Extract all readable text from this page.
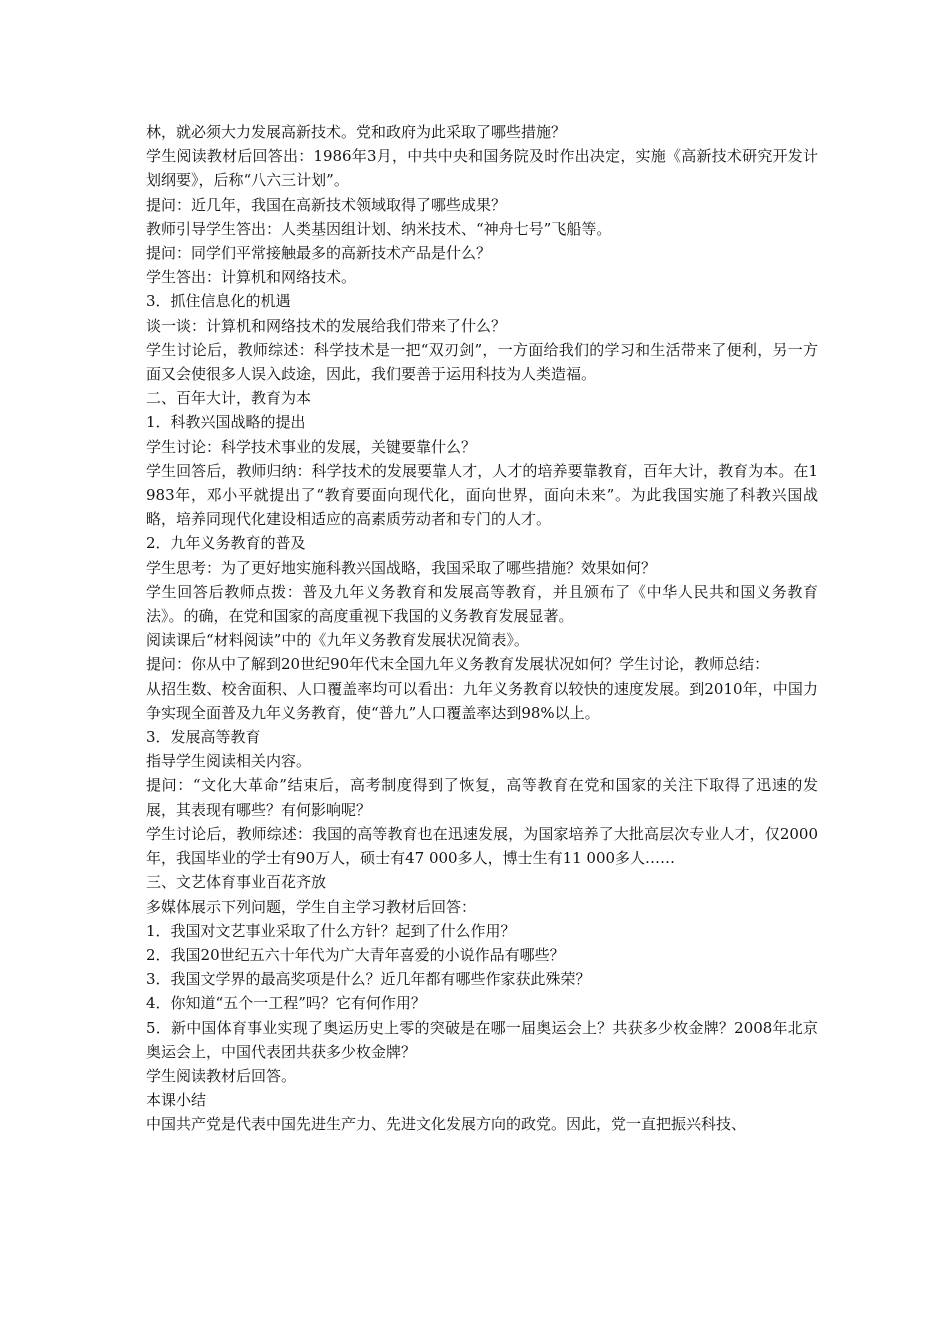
林，就必须大力发展高新技术。党和政府为此采取了哪些措施？

学生阅读教材后回答出：1986年3月，中共中央和国务院及时作出决定，实施《高新技术研究开发计划纲要》，后称“八六三计划”。

提问：近几年，我国在高新技术领域取得了哪些成果？

教师引导学生答出：人类基因组计划、纳米技术、“神舟七号”飞船等。

提问：同学们平常接触最多的高新技术产品是什么？

学生答出：计算机和网络技术。

3．抓住信息化的机遇

谈一谈：计算机和网络技术的发展给我们带来了什么？

学生讨论后，教师综述：科学技术是一把“双刃剑”，一方面给我们的学习和生活带来了便利，另一方面又会使很多人误入歧途，因此，我们要善于运用科技为人类造福。

二、百年大计，教育为本

1．科教兴国战略的提出

学生讨论：科学技术事业的发展，关键要靠什么？

学生回答后，教师归纳：科学技术的发展要靠人才，人才的培养要靠教育，百年大计，教育为本。在1983年，邓小平就提出了“教育要面向现代化，面向世界，面向未来”。为此我国实施了科教兴国战略，培养同现代化建设相适应的高素质劳动者和专门的人才。

2．九年义务教育的普及

学生思考：为了更好地实施科教兴国战略，我国采取了哪些措施？效果如何？

学生回答后教师点拨：普及九年义务教育和发展高等教育，并且颁布了《中华人民共和国义务教育法》。的确，在党和国家的高度重视下我国的义务教育发展显著。

阅读课后“材料阅读”中的《九年义务教育发展状况简表》。

提问：你从中了解到20世纪90年代末全国九年义务教育发展状况如何？学生讨论，教师总结：

从招生数、校舍面积、人口覆盖率均可以看出：九年义务教育以较快的速度发展。到2010年，中国力争实现全面普及九年义务教育，使“普九”人口覆盖率达到98%以上。

3．发展高等教育

指导学生阅读相关内容。

提问：“文化大革命”结束后，高考制度得到了恢复，高等教育在党和国家的关注下取得了迅速的发展，其表现有哪些？有何影响呢？

学生讨论后，教师综述：我国的高等教育也在迅速发展，为国家培养了大批高层次专业人才，仅2000年，我国毕业的学士有90万人，硕士有47 000多人，博士生有11 000多人……

三、文艺体育事业百花齐放

多媒体展示下列问题，学生自主学习教材后回答：

1．我国对文艺事业采取了什么方针？起到了什么作用？

2．我国20世纪五六十年代为广大青年喜爱的小说作品有哪些？

3．我国文学界的最高奖项是什么？近几年都有哪些作家获此殊荣？

4．你知道“五个一工程”吗？它有何作用？

5．新中国体育事业实现了奥运历史上零的突破是在哪一届奥运会上？共获多少枚金牌？2008年北京奥运会上，中国代表团共获多少枚金牌？

学生阅读教材后回答。

本课小结

中国共产党是代表中国先进生产力、先进文化发展方向的政党。因此，党一直把振兴科技、
